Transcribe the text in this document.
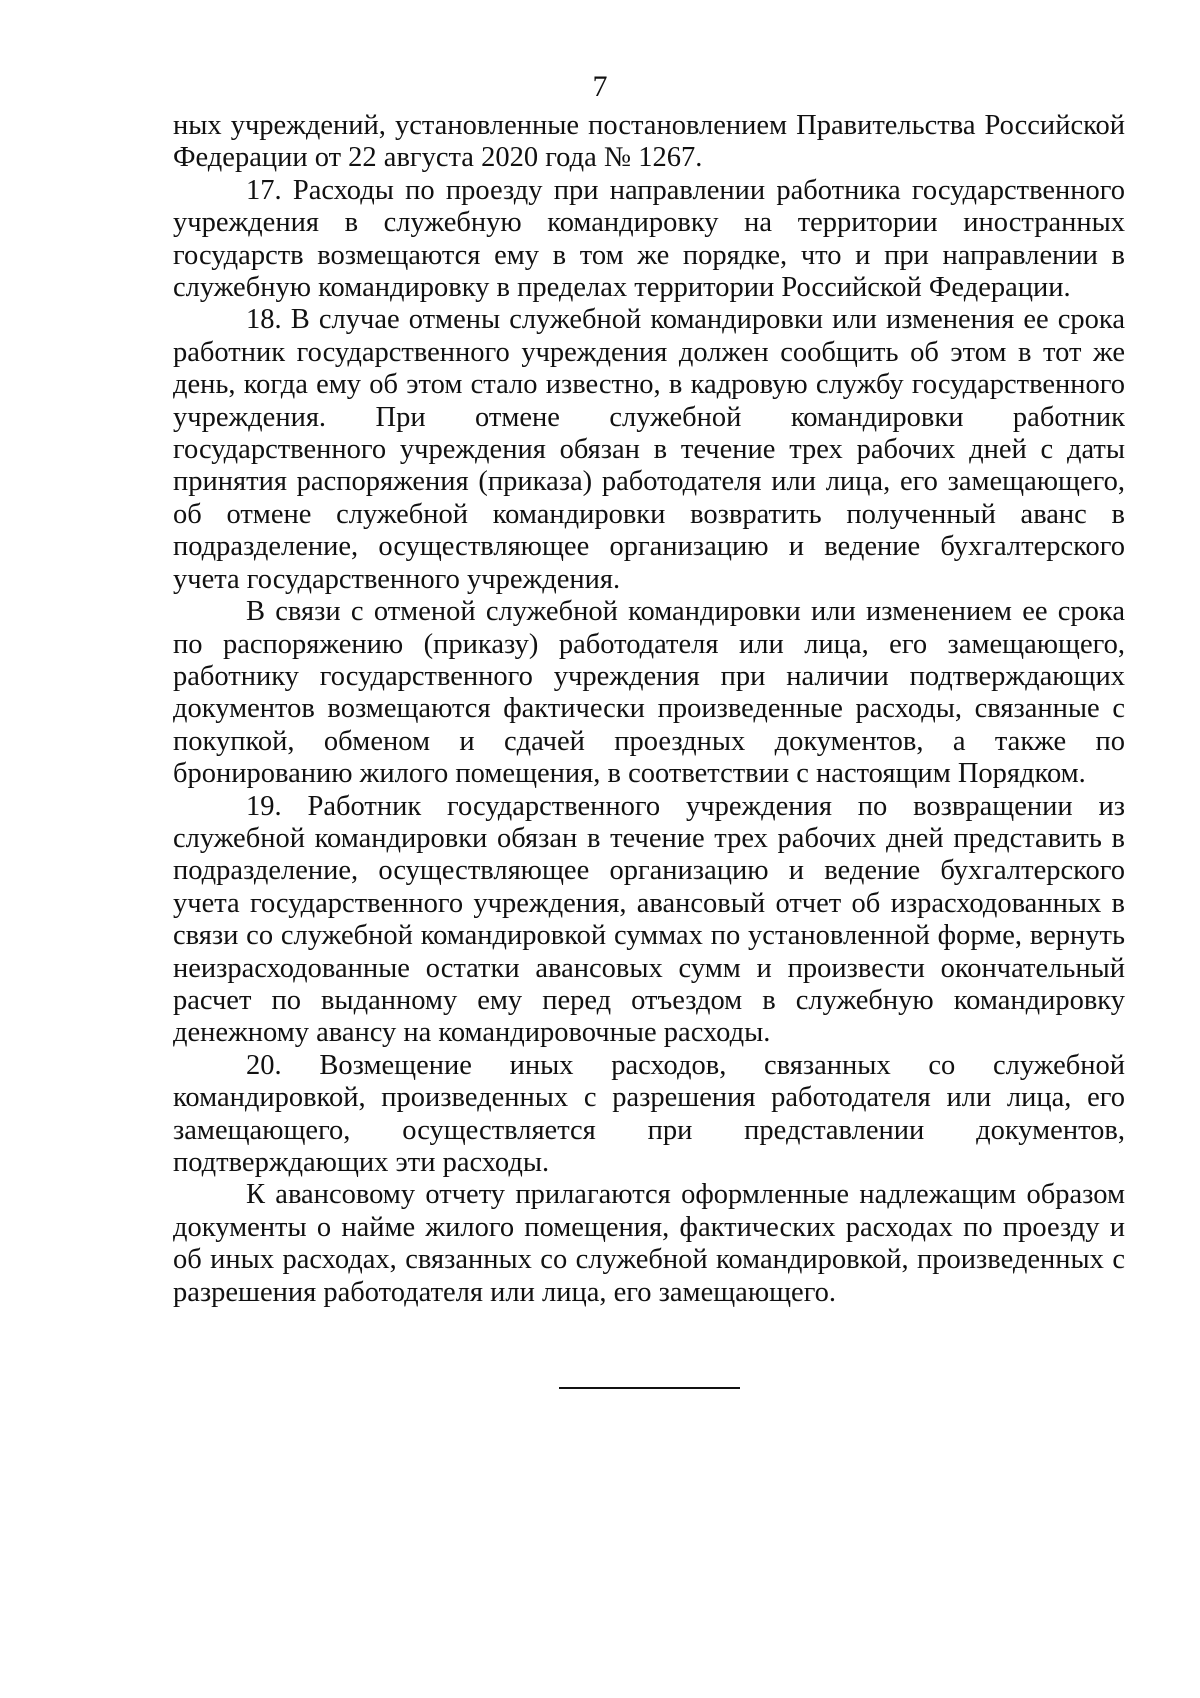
7

ных учреждений, установленные постановлением Правительства Российской Федерации от 22 августа 2020 года № 1267.

17. Расходы по проезду при направлении работника государственного учреждения в служебную командировку на территории иностранных государств возмещаются ему в том же порядке, что и при направлении в служебную командировку в пределах территории Российской Федерации.

18. В случае отмены служебной командировки или изменения ее срока работник государственного учреждения должен сообщить об этом в тот же день, когда ему об этом стало известно, в кадровую службу государственного учреждения. При отмене служебной командировки работник государственного учреждения обязан в течение трех рабочих дней с даты принятия распоряжения (приказа) работодателя или лица, его замещающего, об отмене служебной командировки возвратить полученный аванс в подразделение, осуществляющее организацию и ведение бухгалтерского учета государственного учреждения.

В связи с отменой служебной командировки или изменением ее срока по распоряжению (приказу) работодателя или лица, его замещающего, работнику государственного учреждения при наличии подтверждающих документов возмещаются фактически произведенные расходы, связанные с покупкой, обменом и сдачей проездных документов, а также по бронированию жилого помещения, в соответствии с настоящим Порядком.

19. Работник государственного учреждения по возвращении из служебной командировки обязан в течение трех рабочих дней представить в подразделение, осуществляющее организацию и ведение бухгалтерского учета государственного учреждения, авансовый отчет об израсходованных в связи со служебной командировкой суммах по установленной форме, вернуть неизрасходованные остатки авансовых сумм и произвести окончательный расчет по выданному ему перед отъездом в служебную командировку денежному авансу на командировочные расходы.

20. Возмещение иных расходов, связанных со служебной командировкой, произведенных с разрешения работодателя или лица, его замещающего, осуществляется при представлении документов, подтверждающих эти расходы.

К авансовому отчету прилагаются оформленные надлежащим образом документы о найме жилого помещения, фактических расходах по проезду и об иных расходах, связанных со служебной командировкой, произведенных с разрешения работодателя или лица, его замещающего.
